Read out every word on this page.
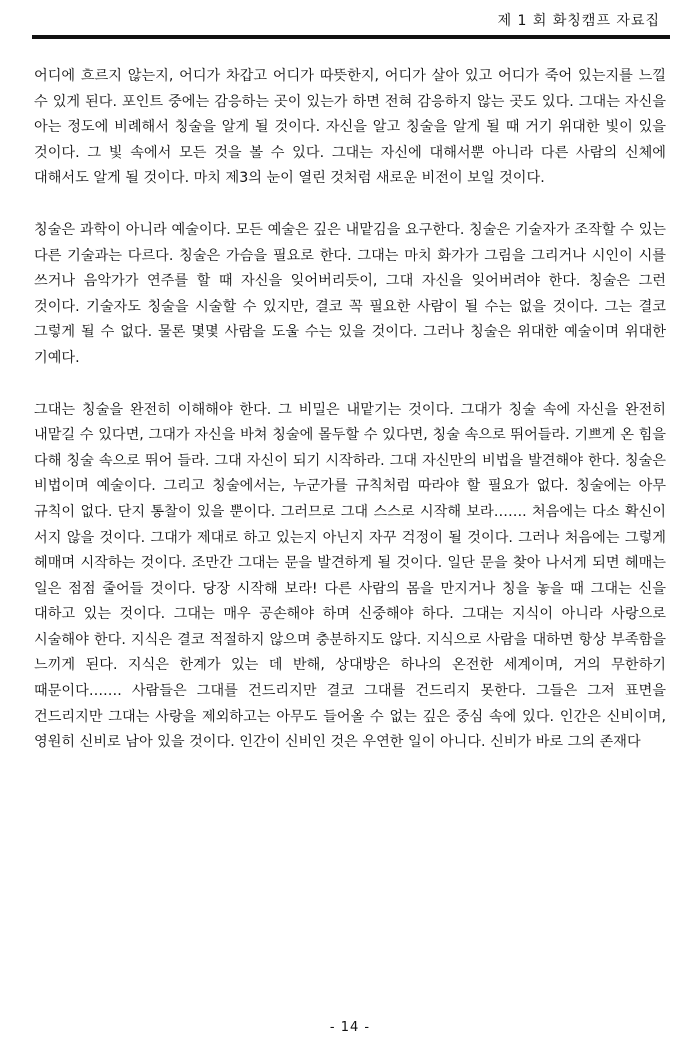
제 1 회 화칭캠프 자료집

어디에 흐르지 않는지, 어디가 차갑고 어디가 따뜻한지, 어디가 살아 있고 어디가 죽어 있는지를 느낄 수 있게 된다. 포인트 중에는 감응하는 곳이 있는가 하면 전혀 감응하지 않는 곳도 있다. 그대는 자신을 아는 정도에 비례해서 칭술을 알게 될 것이다. 자신을 알고 칭술을 알게 될 때 거기 위대한 빛이 있을 것이다. 그 빛 속에서 모든 것을 볼 수 있다. 그대는 자신에 대해서뿐 아니라 다른 사람의 신체에 대해서도 알게 될 것이다. 마치 제3의 눈이 열린 것처럼 새로운 비전이 보일 것이다.

칭술은 과학이 아니라 예술이다. 모든 예술은 깊은 내맡김을 요구한다. 칭술은 기술자가 조작할 수 있는 다른 기술과는 다르다. 칭술은 가슴을 필요로 한다. 그대는 마치 화가가 그림을 그리거나 시인이 시를 쓰거나 음악가가 연주를 할 때 자신을 잊어버리듯이, 그대 자신을 잊어버려야 한다. 칭술은 그런 것이다. 기술자도 칭술을 시술할 수 있지만, 결코 꼭 필요한 사람이 될 수는 없을 것이다. 그는 결코 그렇게 될 수 없다. 물론 몇몇 사람을 도울 수는 있을 것이다. 그러나 칭술은 위대한 예술이며 위대한 기예다.

그대는 칭술을 완전히 이해해야 한다. 그 비밀은 내맡기는 것이다. 그대가 칭술 속에 자신을 완전히 내맡길 수 있다면, 그대가 자신을 바쳐 칭술에 몰두할 수 있다면, 칭술 속으로 뛰어들라. 기쁘게 온 힘을 다해 칭술 속으로 뛰어 들라. 그대 자신이 되기 시작하라. 그대 자신만의 비법을 발견해야 한다. 칭술은 비법이며 예술이다. 그리고 칭술에서는, 누군가를 규칙처럼 따라야 할 필요가 없다. 칭술에는 아무 규칙이 없다. 단지 통찰이 있을 뿐이다. 그러므로 그대 스스로 시작해 보라……. 처음에는 다소 확신이 서지 않을 것이다. 그대가 제대로 하고 있는지 아닌지 자꾸 걱정이 될 것이다. 그러나 처음에는 그렇게 헤매며 시작하는 것이다. 조만간 그대는 문을 발견하게 될 것이다. 일단 문을 찾아 나서게 되면 헤매는 일은 점점 줄어들 것이다. 당장 시작해 보라! 다른 사람의 몸을 만지거나 칭을 놓을 때 그대는 신을 대하고 있는 것이다. 그대는 매우 공손해야 하며 신중해야 하다. 그대는 지식이 아니라 사랑으로 시술해야 한다. 지식은 결코 적절하지 않으며 충분하지도 않다. 지식으로 사람을 대하면 항상 부족함을 느끼게 된다. 지식은 한계가 있는 데 반해, 상대방은 하나의 온전한 세계이며, 거의 무한하기 때문이다……. 사람들은 그대를 건드리지만 결코 그대를 건드리지 못한다. 그들은 그저 표면을 건드리지만 그대는 사랑을 제외하고는 아무도 들어올 수 없는 깊은 중심 속에 있다. 인간은 신비이며, 영원히 신비로 남아 있을 것이다. 인간이 신비인 것은 우연한 일이 아니다. 신비가 바로 그의 존재다

- 14 -
